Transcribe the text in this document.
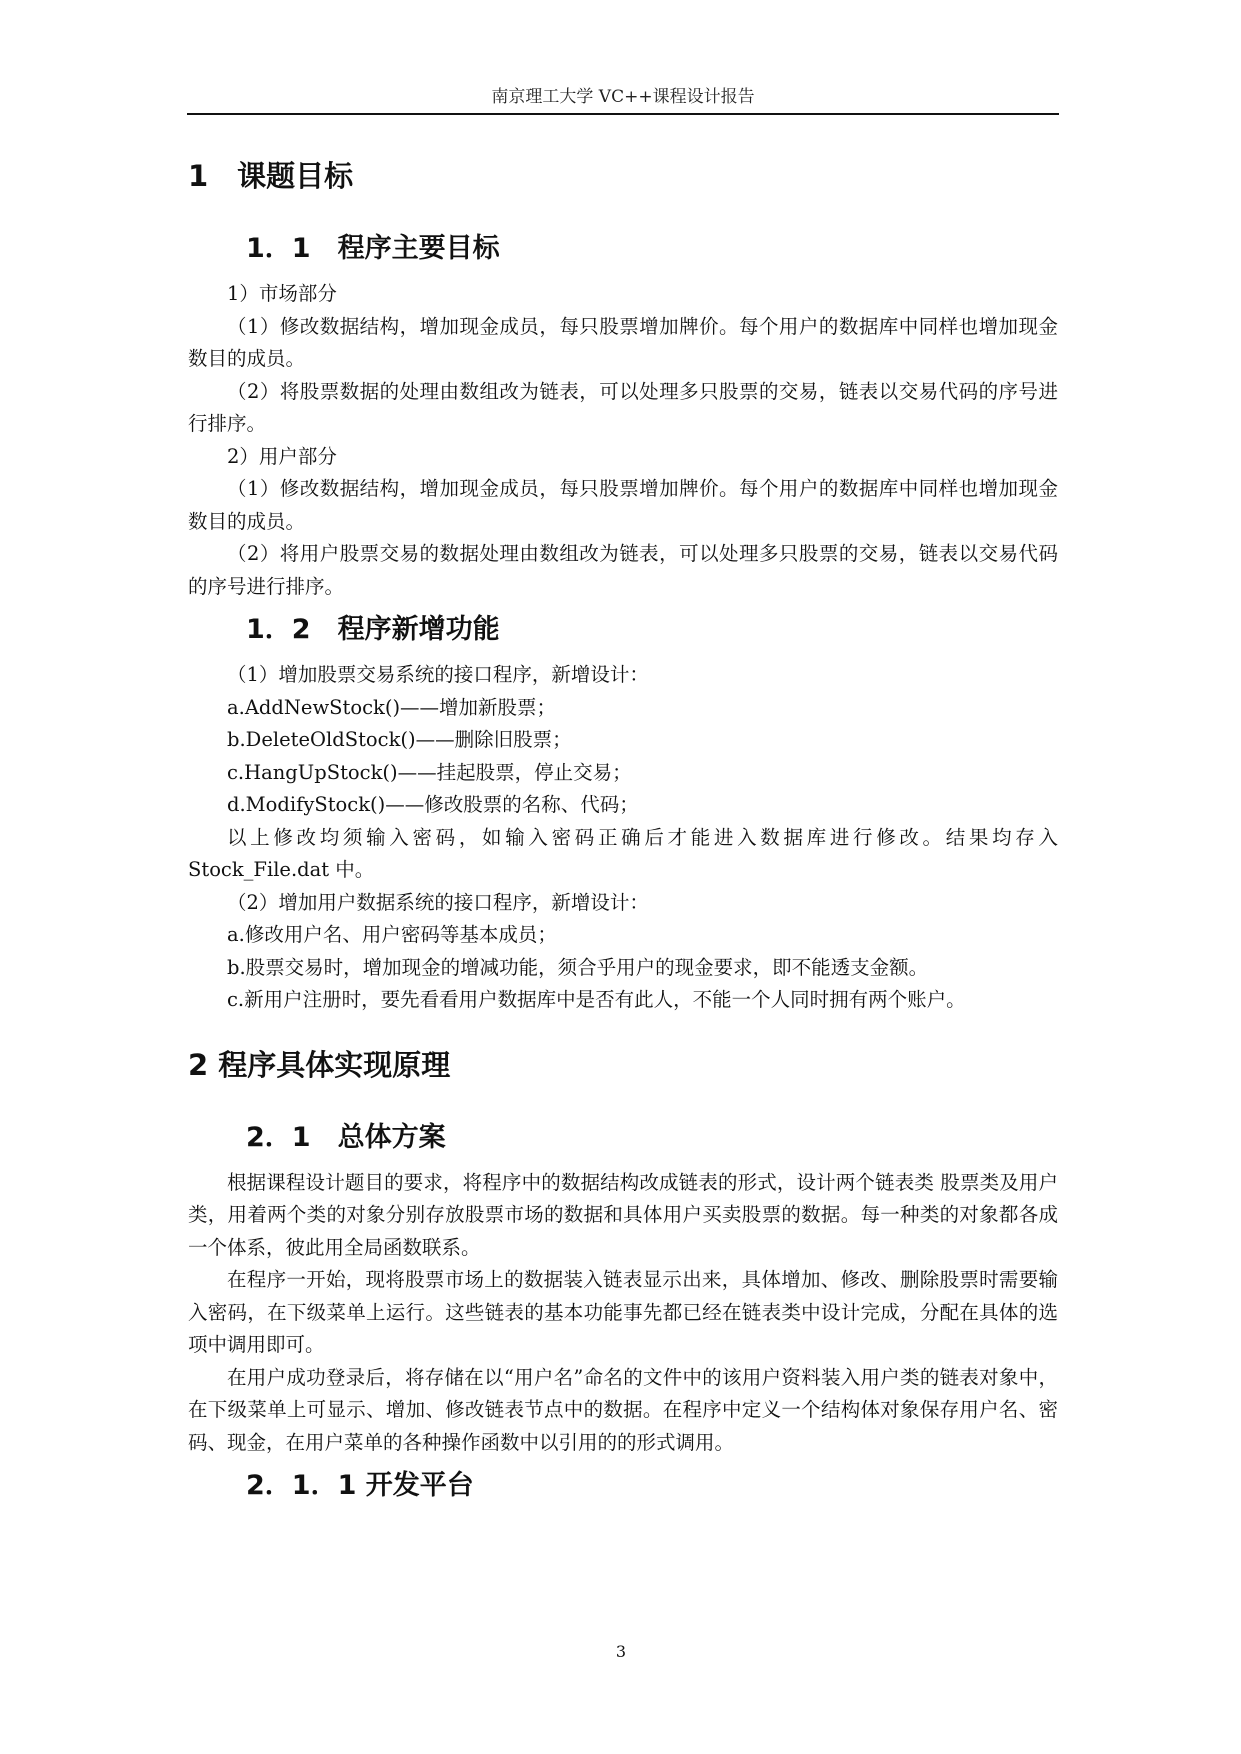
南京理工大学 VC++课程设计报告
1　课题目标
1．1　程序主要目标

1）市场部分

（1）修改数据结构，增加现金成员，每只股票增加牌价。每个用户的数据库中同样也增加现金数目的成员。

（2）将股票数据的处理由数组改为链表，可以处理多只股票的交易，链表以交易代码的序号进行排序。

2）用户部分

（1）修改数据结构，增加现金成员，每只股票增加牌价。每个用户的数据库中同样也增加现金数目的成员。

（2）将用户股票交易的数据处理由数组改为链表，可以处理多只股票的交易，链表以交易代码的序号进行排序。

1．2　程序新增功能

（1）增加股票交易系统的接口程序，新增设计：

a.AddNewStock()——增加新股票；

b.DeleteOldStock()——删除旧股票；

c.HangUpStock()——挂起股票，停止交易；

d.ModifyStock()——修改股票的名称、代码；

以上修改均须输入密码，如输入密码正确后才能进入数据库进行修改。结果均存入Stock_File.dat 中。

（2）增加用户数据系统的接口程序，新增设计：

a.修改用户名、用户密码等基本成员；

b.股票交易时，增加现金的增减功能，须合乎用户的现金要求，即不能透支金额。

c.新用户注册时，要先看看用户数据库中是否有此人，不能一个人同时拥有两个账户。

2 程序具体实现原理
2．1　总体方案

根据课程设计题目的要求，将程序中的数据结构改成链表的形式，设计两个链表类 股票类及用户类，用着两个类的对象分别存放股票市场的数据和具体用户买卖股票的数据。每一种类的对象都各成一个体系，彼此用全局函数联系。

在程序一开始，现将股票市场上的数据装入链表显示出来，具体增加、修改、删除股票时需要输入密码，在下级菜单上运行。这些链表的基本功能事先都已经在链表类中设计完成，分配在具体的选项中调用即可。

在用户成功登录后，将存储在以“用户名”命名的文件中的该用户资料装入用户类的链表对象中，在下级菜单上可显示、增加、修改链表节点中的数据。在程序中定义一个结构体对象保存用户名、密码、现金，在用户菜单的各种操作函数中以引用的的形式调用。

2．1．1 开发平台
3
